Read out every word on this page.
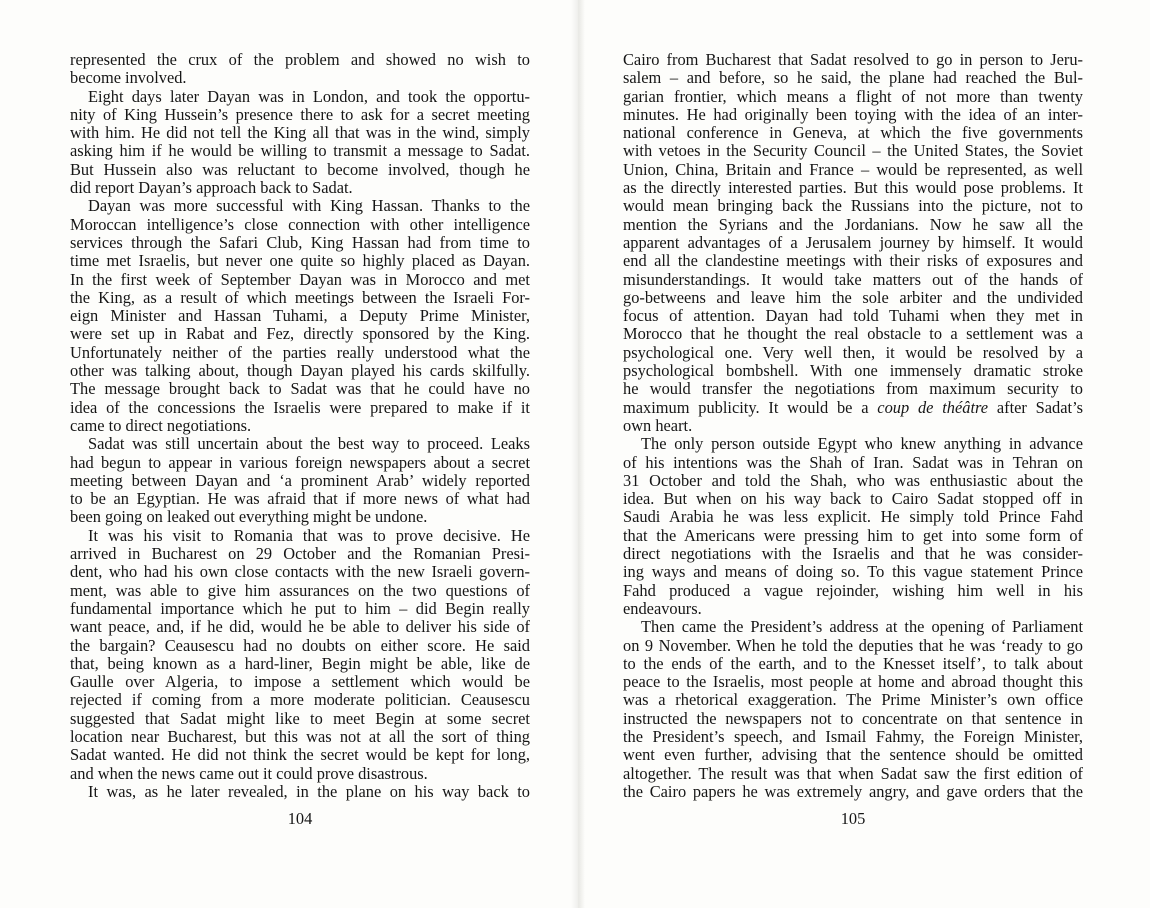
represented the crux of the problem and showed no wish to
become involved.
Eight days later Dayan was in London, and took the opportu-
nity of King Hussein’s presence there to ask for a secret meeting
with him. He did not tell the King all that was in the wind, simply
asking him if he would be willing to transmit a message to Sadat.
But Hussein also was reluctant to become involved, though he
did report Dayan’s approach back to Sadat.
Dayan was more successful with King Hassan. Thanks to the
Moroccan intelligence’s close connection with other intelligence
services through the Safari Club, King Hassan had from time to
time met Israelis, but never one quite so highly placed as Dayan.
In the first week of September Dayan was in Morocco and met
the King, as a result of which meetings between the Israeli For-
eign Minister and Hassan Tuhami, a Deputy Prime Minister,
were set up in Rabat and Fez, directly sponsored by the King.
Unfortunately neither of the parties really understood what the
other was talking about, though Dayan played his cards skilfully.
The message brought back to Sadat was that he could have no
idea of the concessions the Israelis were prepared to make if it
came to direct negotiations.
Sadat was still uncertain about the best way to proceed. Leaks
had begun to appear in various foreign newspapers about a secret
meeting between Dayan and ‘a prominent Arab’ widely reported
to be an Egyptian. He was afraid that if more news of what had
been going on leaked out everything might be undone.
It was his visit to Romania that was to prove decisive. He
arrived in Bucharest on 29 October and the Romanian Presi-
dent, who had his own close contacts with the new Israeli govern-
ment, was able to give him assurances on the two questions of
fundamental importance which he put to him – did Begin really
want peace, and, if he did, would he be able to deliver his side of
the bargain? Ceausescu had no doubts on either score. He said
that, being known as a hard-liner, Begin might be able, like de
Gaulle over Algeria, to impose a settlement which would be
rejected if coming from a more moderate politician. Ceausescu
suggested that Sadat might like to meet Begin at some secret
location near Bucharest, but this was not at all the sort of thing
Sadat wanted. He did not think the secret would be kept for long,
and when the news came out it could prove disastrous.
It was, as he later revealed, in the plane on his way back to
Cairo from Bucharest that Sadat resolved to go in person to Jeru-
salem – and before, so he said, the plane had reached the Bul-
garian frontier, which means a flight of not more than twenty
minutes. He had originally been toying with the idea of an inter-
national conference in Geneva, at which the five governments
with vetoes in the Security Council – the United States, the Soviet
Union, China, Britain and France – would be represented, as well
as the directly interested parties. But this would pose problems. It
would mean bringing back the Russians into the picture, not to
mention the Syrians and the Jordanians. Now he saw all the
apparent advantages of a Jerusalem journey by himself. It would
end all the clandestine meetings with their risks of exposures and
misunderstandings. It would take matters out of the hands of
go-betweens and leave him the sole arbiter and the undivided
focus of attention. Dayan had told Tuhami when they met in
Morocco that he thought the real obstacle to a settlement was a
psychological one. Very well then, it would be resolved by a
psychological bombshell. With one immensely dramatic stroke
he would transfer the negotiations from maximum security to
maximum publicity. It would be a coup de théâtre after Sadat’s
own heart.
The only person outside Egypt who knew anything in advance
of his intentions was the Shah of Iran. Sadat was in Tehran on
31 October and told the Shah, who was enthusiastic about the
idea. But when on his way back to Cairo Sadat stopped off in
Saudi Arabia he was less explicit. He simply told Prince Fahd
that the Americans were pressing him to get into some form of
direct negotiations with the Israelis and that he was consider-
ing ways and means of doing so. To this vague statement Prince
Fahd produced a vague rejoinder, wishing him well in his
endeavours.
Then came the President’s address at the opening of Parliament
on 9 November. When he told the deputies that he was ‘ready to go
to the ends of the earth, and to the Knesset itself’, to talk about
peace to the Israelis, most people at home and abroad thought this
was a rhetorical exaggeration. The Prime Minister’s own office
instructed the newspapers not to concentrate on that sentence in
the President’s speech, and Ismail Fahmy, the Foreign Minister,
went even further, advising that the sentence should be omitted
altogether. The result was that when Sadat saw the first edition of
the Cairo papers he was extremely angry, and gave orders that the
104	105
